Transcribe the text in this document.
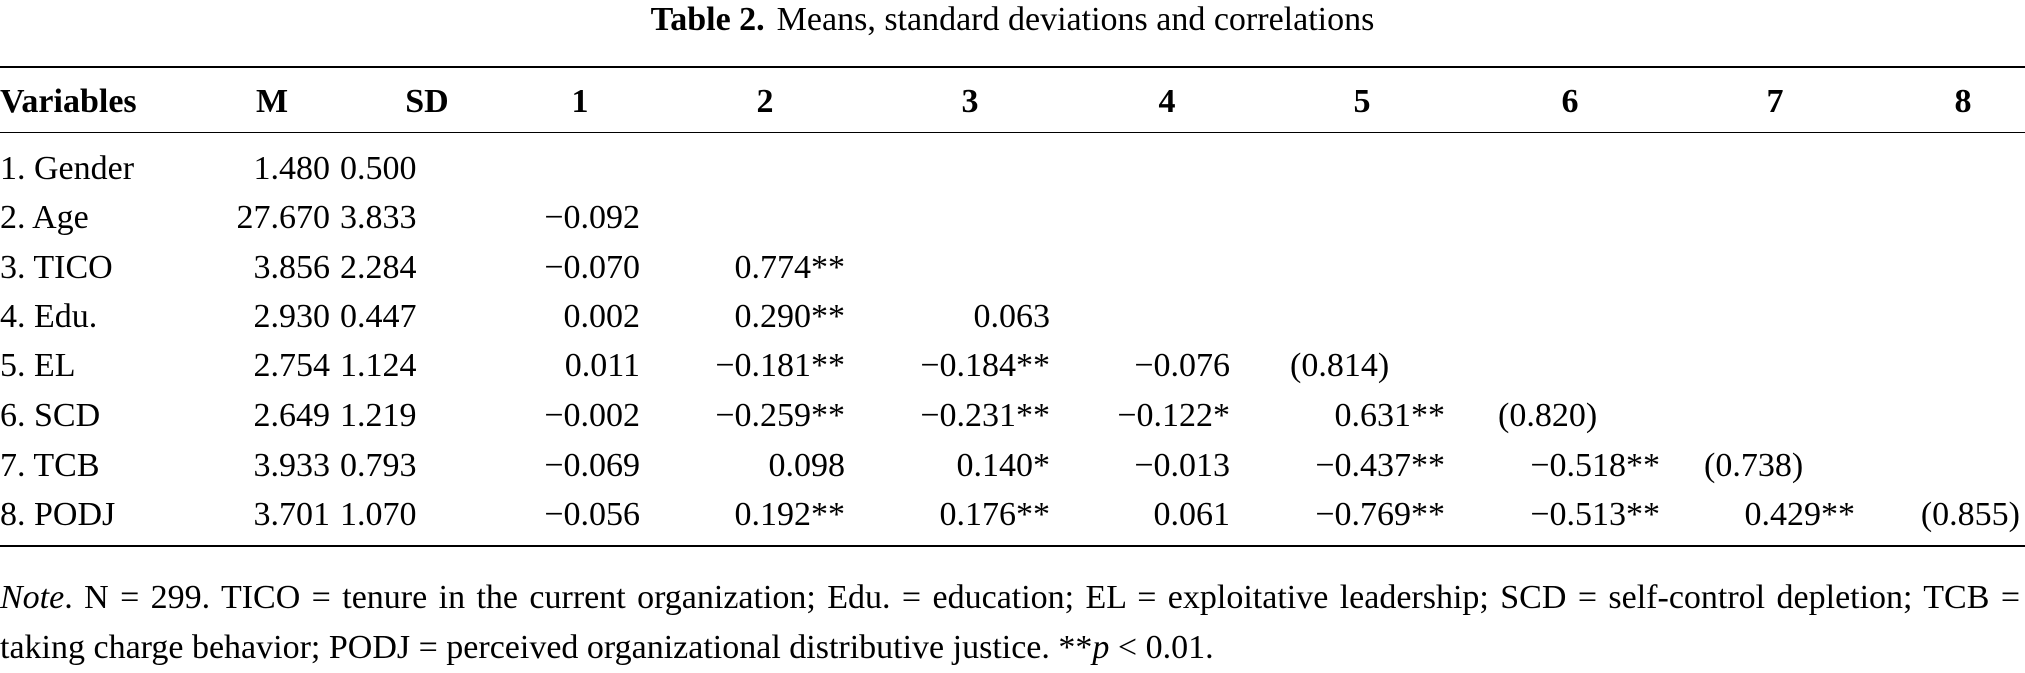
Table 2. Means, standard deviations and correlations
Variables	M	SD	1	2	3	4	5	6	7	8
1. Gender	1.480 0.500
2. Age	27.670 3.833	−0.092
3. TICO	3.856 2.284	−0.070	0.774**
4. Edu.	2.930 0.447	0.002	0.290**	0.063
5. EL	2.754 1.124	0.011	−0.181**	−0.184**	−0.076 (0.814)
6. SCD	2.649 1.219	−0.002	−0.259**	−0.231**	−0.122*	0.631** (0.820)
7. TCB	3.933 0.793	−0.069	0.098	0.140*	−0.013	−0.437**	−0.518** (0.738)
8. PODJ	3.701 1.070	−0.056	0.192**	0.176**	0.061	−0.769**	−0.513**	0.429**	(0.855)
Note. N = 299. TICO = tenure in the current organization; Edu. = education; EL = exploitative leadership; SCD = self-control depletion; TCB = taking charge behavior; PODJ = perceived organizational distributive justice. **p < 0.01.
